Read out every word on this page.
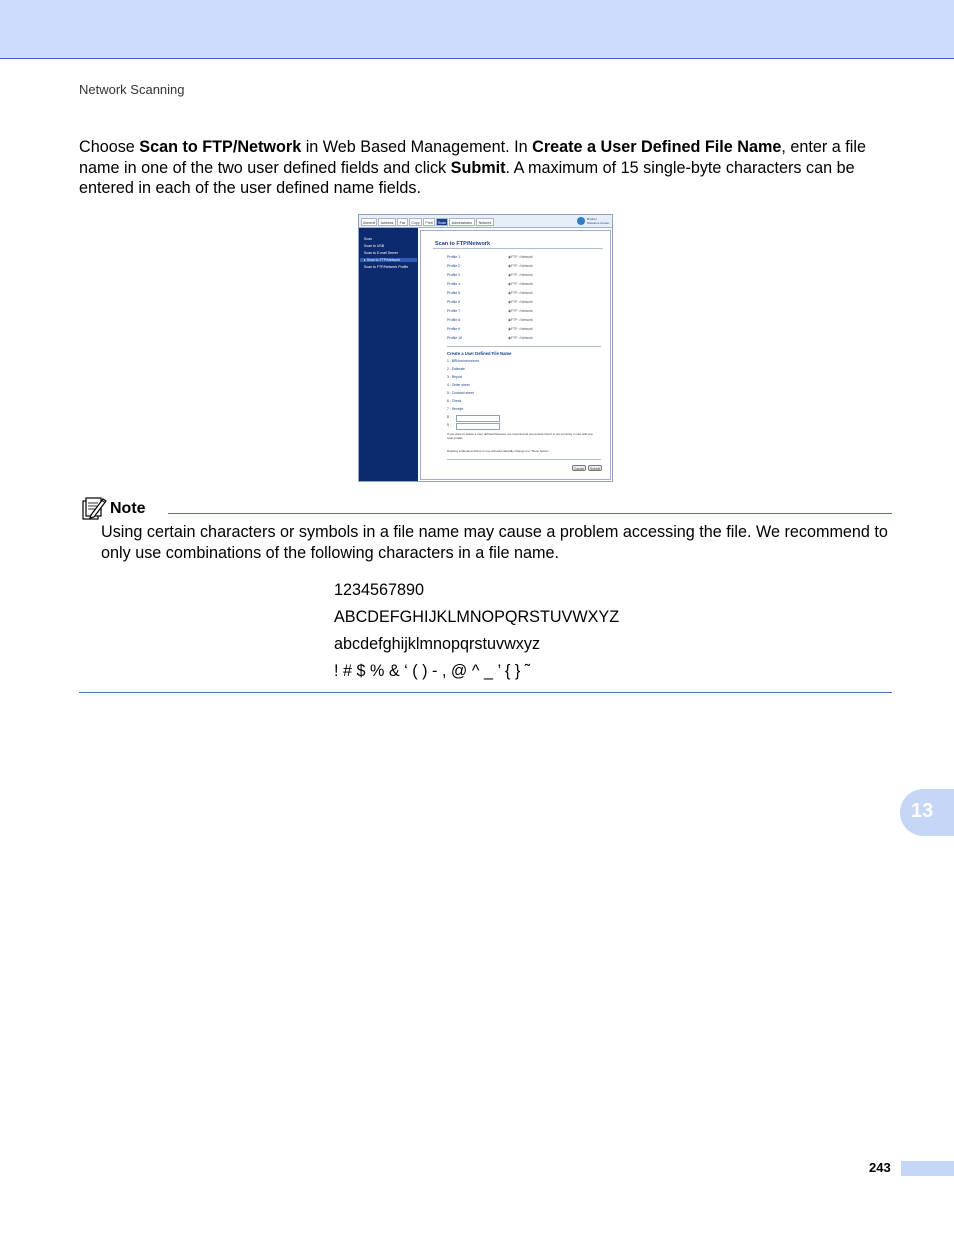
Network Scanning
Choose Scan to FTP/Network in Web Based Management. In Create a User Defined File Name, enter a file name in one of the two user defined fields and click Submit. A maximum of 15 single-byte characters can be entered in each of the user defined name fields.
General	Address	Fax	Copy	Print	Scan	Administrator	Network
Brother
Solutions Center
Scan
Scan to USB
Scan to E-mail Server
▸ Scan to FTP/Network
Scan to FTP/Network Profile
Scan to FTP/Network
Profile 1	◉FTP ○Network
Profile 2	◉FTP ○Network
Profile 3	◉FTP ○Network
Profile 4	◉FTP ○Network
Profile 5	◉FTP ○Network
Profile 6	◉FTP ○Network
Profile 7	◉FTP ○Network
Profile 8	◉FTP ○Network
Profile 9	◉FTP ○Network
Profile 10	◉FTP ○Network
Create a User Defined File Name
1 : BRNxxxxxxxxxxxx
2 : Estimate
3 : Report
4 : Order sheet
5 : Contract sheet
6 : Check
7 : Receipt
8 :
9 :
If you want to delete a user defined filename, we recommend you ensure that it is not currently in use with any scan profile.
Deleting a filename that is in use will automatically change it to "None Name".
Cancel	Submit
Note
Using certain characters or symbols in a file name may cause a problem accessing the file. We recommend to only use combinations of the following characters in a file name.
1234567890
ABCDEFGHIJKLMNOPQRSTUVWXYZ
abcdefghijklmnopqrstuvwxyz
! # $ % & ‘ ( ) - , @ ^ _ ’ { } ˜
13
243
